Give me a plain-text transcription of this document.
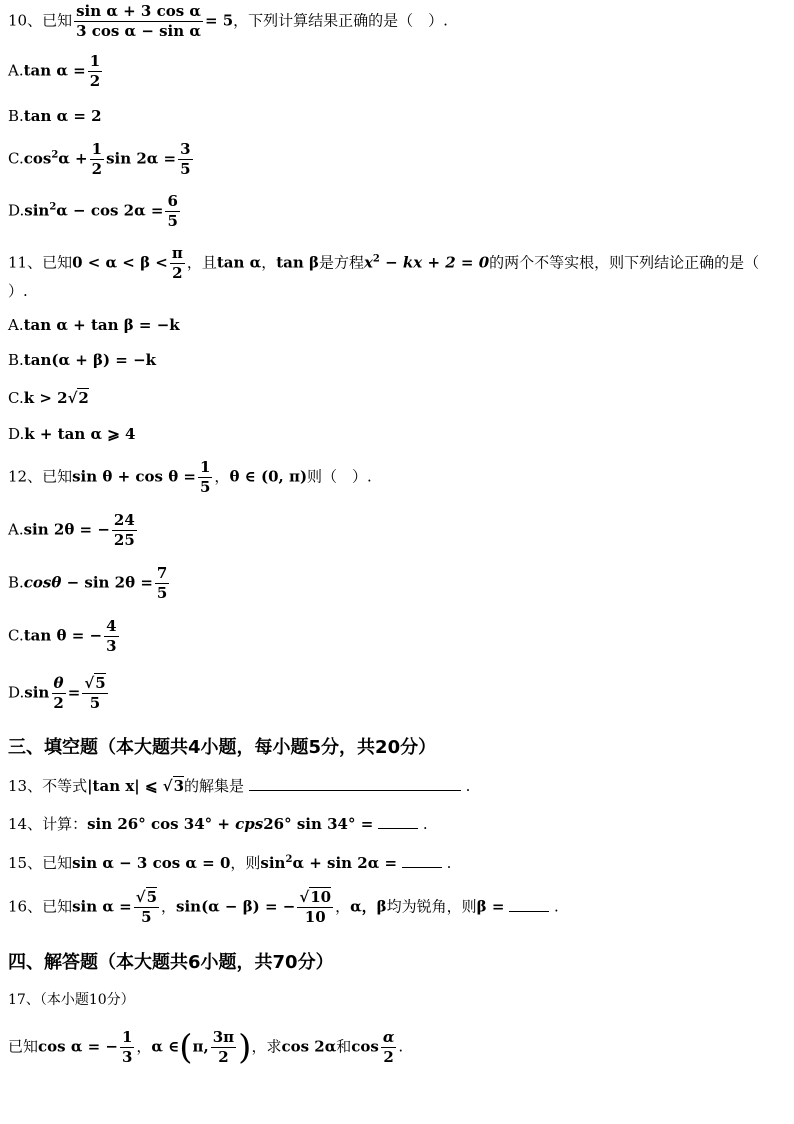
10、已知 $\frac{\text{sin α + 3 cos α}}{\text{3 cos α − sin α}} = 5$，下列计算结果正确的是（　）.
A.tan $\alpha = \frac{1}{2}$
B.tan α = 2
$C.\cos^2\alpha + \frac{1}{2}$ $\sin 2\alpha = \frac{3}{5}$
$D.\sin^2\alpha - \cos 2\alpha = \frac{6}{5}$
11、已知$0 < \alpha < \beta < \frac{\pi}{2}$ ，且tan α，tan β是方程$x^2$ − kx + 2 = 0的两个不等实根，则下列结论正确的是（
）.
A.tan α + tan β = −k
B.tan(α + β) = −k
C.k > 2√2
D.k + tan α ⩾ 4
12、已知$\sin \theta + \cos \theta = \frac{1}{5}$ ，θ ∈ (0, π)则（　）.
A.sin 2θ = − $\frac{24}{25}$
$B.\cos\theta - \sin 2\theta = \frac{7}{5}$
C.tan θ = − $\frac{4}{3}$
$D.\sin \frac{\theta}{2} = \frac{√5}{5}$
三、填空题（本大题共4小题，每小题5分，共20分）
13、不等式|tan x| ⩽ √3的解集是	.
14、计算：sin 26° cos 34° + cps26° sin 34° =	.
15、已知sin α − 3 cos α = 0，则$\sin^2\alpha + \sin 2\alpha$ =	.
16、已知$\sin \alpha = \frac{√5}{5}$ ，sin(α − β) = − $\frac{√10}{10}$ ，α，β均为锐角，则β =	.
四、解答题（本大题共6小题，共70分）
17、（本小题10分）
已知cos α = − $\frac{1}{3}$ ，α ∈(π, $\frac{3\pi}{2}$ )，求cos 2α和$\cos \frac{\alpha}{2}$ .
